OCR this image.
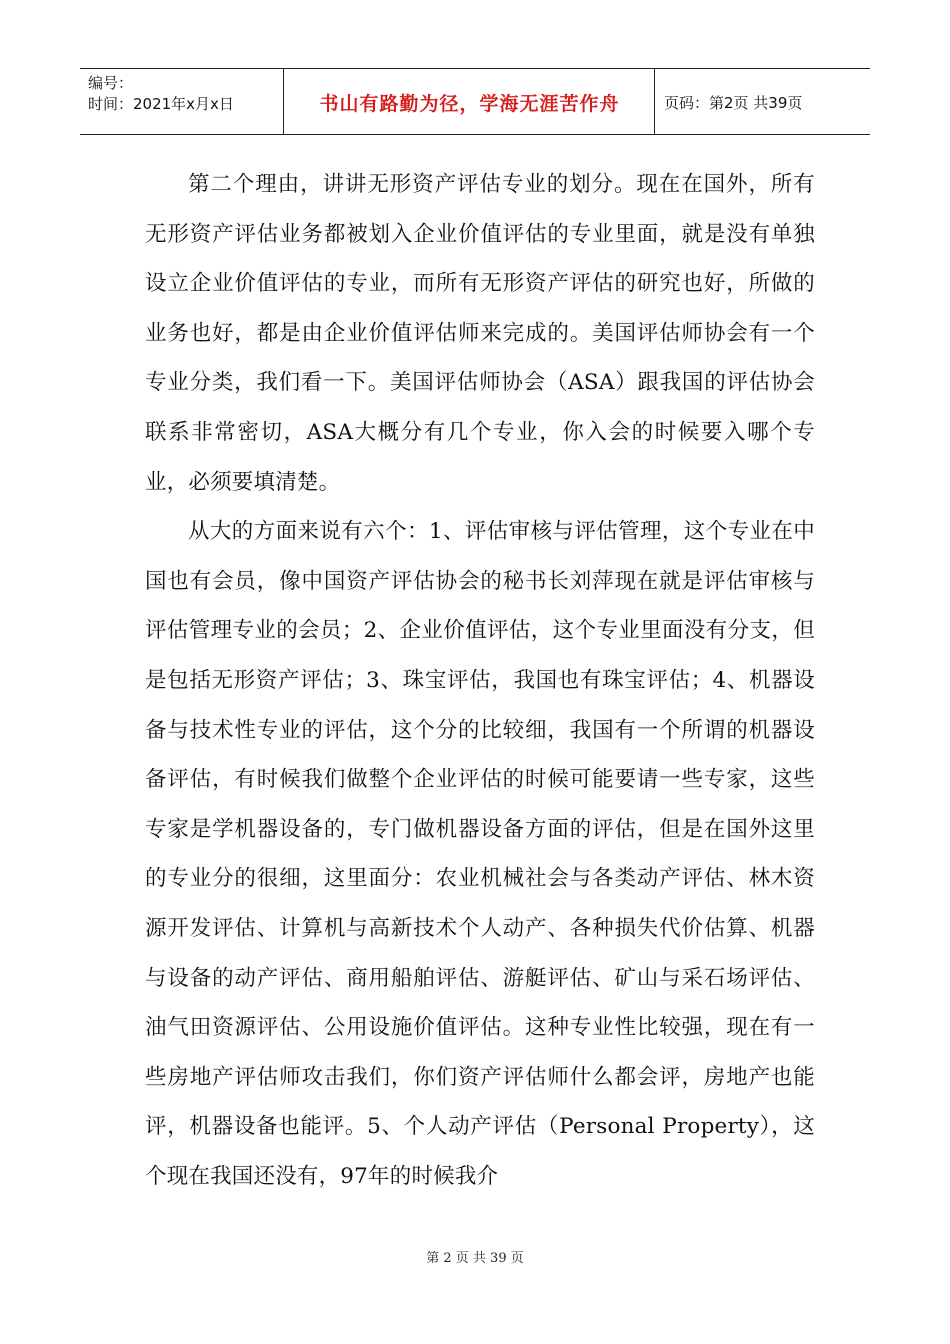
编号：
时间：2021年x月x日	书山有路勤为径，学海无涯苦作舟	页码：第2页 共39页

第二个理由，讲讲无形资产评估专业的划分。现在在国外，所有无形资产评估业务都被划入企业价值评估的专业里面，就是没有单独设立企业价值评估的专业，而所有无形资产评估的研究也好，所做的业务也好，都是由企业价值评估师来完成的。美国评估师协会有一个专业分类，我们看一下。美国评估师协会（ASA）跟我国的评估协会联系非常密切，ASA大概分有几个专业，你入会的时候要入哪个专业，必须要填清楚。

从大的方面来说有六个：1、评估审核与评估管理，这个专业在中国也有会员，像中国资产评估协会的秘书长刘萍现在就是评估审核与评估管理专业的会员；2、企业价值评估，这个专业里面没有分支，但是包括无形资产评估；3、珠宝评估，我国也有珠宝评估；4、机器设备与技术性专业的评估，这个分的比较细，我国有一个所谓的机器设备评估，有时候我们做整个企业评估的时候可能要请一些专家，这些专家是学机器设备的，专门做机器设备方面的评估，但是在国外这里的专业分的很细，这里面分：农业机械社会与各类动产评估、林木资源开发评估、计算机与高新技术个人动产、各种损失代价估算、机器与设备的动产评估、商用船舶评估、游艇评估、矿山与采石场评估、油气田资源评估、公用设施价值评估。这种专业性比较强，现在有一些房地产评估师攻击我们，你们资产评估师什么都会评，房地产也能评，机器设备也能评。5、个人动产评估（Personal Property），这个现在我国还没有，97年的时候我介

第 2 页 共 39 页
